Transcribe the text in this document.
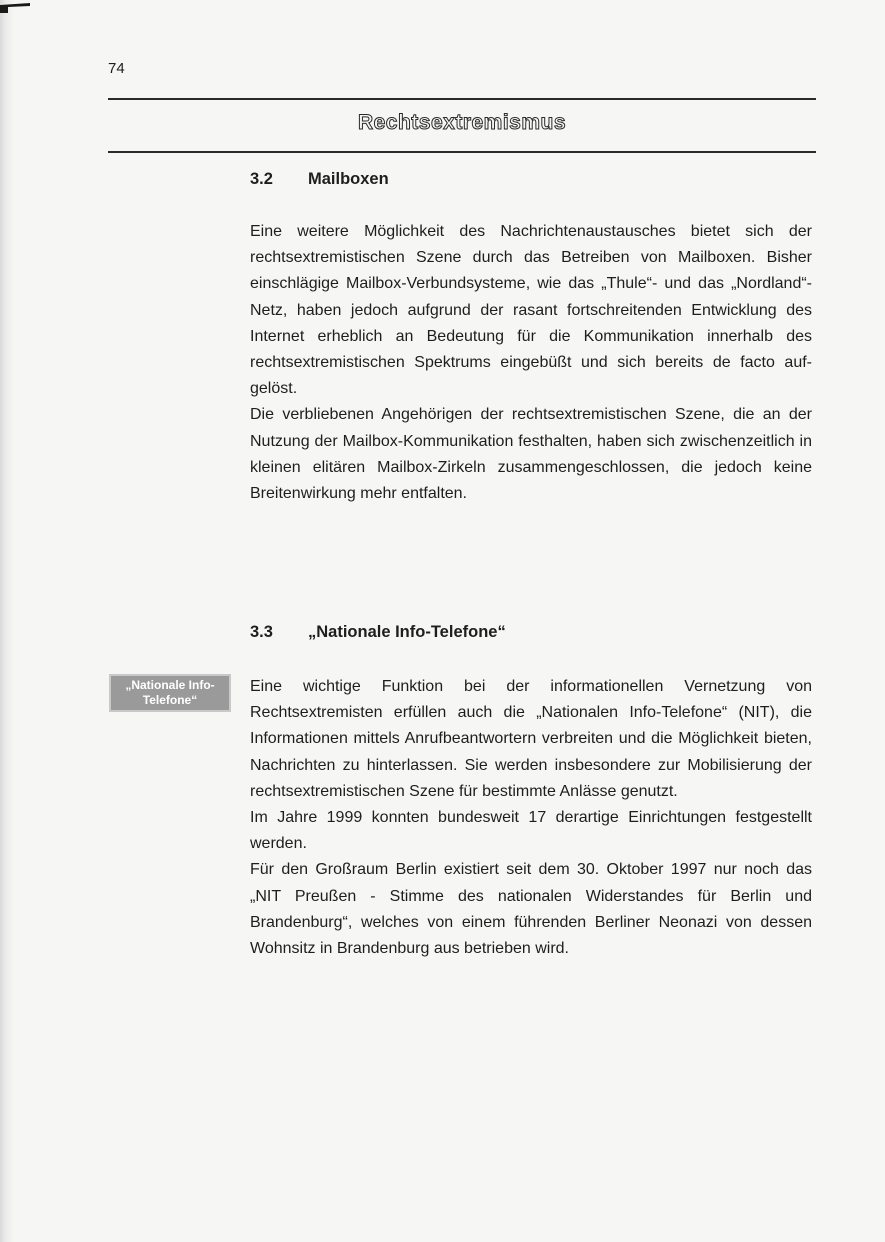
74
Rechtsextremismus
3.2 Mailboxen

Eine weitere Möglichkeit des Nachrichtenaustausches bietet sich der rechtsextremistischen Szene durch das Betreiben von Mailboxen. Bisher einschlägige Mailbox-Verbundsysteme, wie das „Thule“- und das „Nordland“-Netz, haben jedoch aufgrund der rasant fortschreitenden Entwicklung des Internet erheblich an Bedeutung für die Kommunikation innerhalb des rechtsextremistischen Spektrums eingebüßt und sich bereits de facto aufgelöst.

Die verbliebenen Angehörigen der rechtsextremistischen Szene, die an der Nutzung der Mailbox-Kommunikation festhalten, haben sich zwischenzeitlich in kleinen elitären Mailbox-Zirkeln zusammengeschlossen, die jedoch keine Breitenwirkung mehr entfalten.

3.3 „Nationale Info-Telefone“
„Nationale Info-
Telefone“

Eine wichtige Funktion bei der informationellen Vernetzung von Rechtsextremisten erfüllen auch die „Nationalen Info-Telefone“ (NIT), die Informationen mittels Anrufbeantwortern verbreiten und die Möglichkeit bieten, Nachrichten zu hinterlassen. Sie werden insbesondere zur Mobilisierung der rechtsextremistischen Szene für bestimmte Anlässe genutzt.

Im Jahre 1999 konnten bundesweit 17 derartige Einrichtungen festgestellt werden.

Für den Großraum Berlin existiert seit dem 30. Oktober 1997 nur noch das „NIT Preußen - Stimme des nationalen Widerstandes für Berlin und Brandenburg“, welches von einem führenden Berliner Neonazi von dessen Wohnsitz in Brandenburg aus betrieben wird.
